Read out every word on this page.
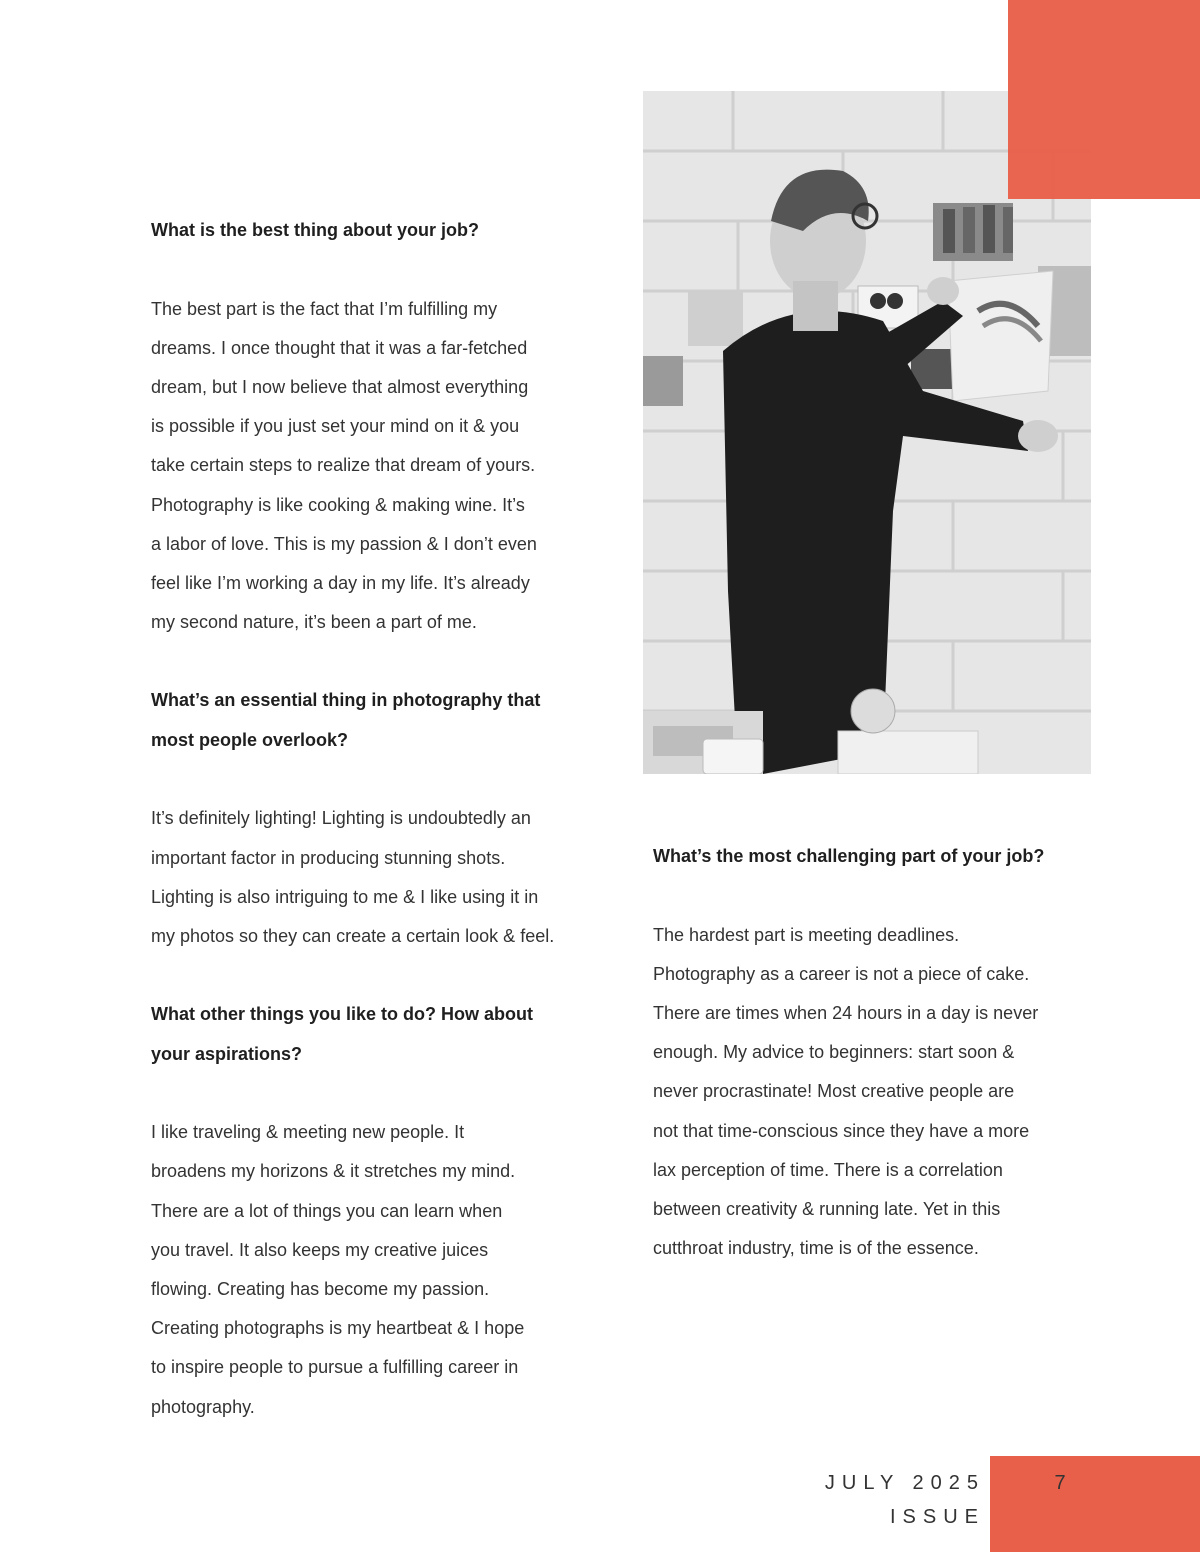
What is the best thing about your job?

The best part is the fact that I’m fulfilling my

dreams. I once thought that it was a far-fetched

dream, but I now believe that almost everything

is possible if you just set your mind on it & you

take certain steps to realize that dream of yours.

Photography is like cooking & making wine. It’s

a labor of love. This is my passion & I don’t even

feel like I’m working a day in my life. It’s already

my second nature, it’s been a part of me.

What’s an essential thing in photography that

most people overlook?

It’s definitely lighting! Lighting is undoubtedly an

important factor in producing stunning shots.

Lighting is also intriguing to me & I like using it in

my photos so they can create a certain look & feel.

What other things you like to do? How about

your aspirations?

I like traveling & meeting new people. It

broadens my horizons & it stretches my mind.

There are a lot of things you can learn when

you travel. It also keeps my creative juices

flowing. Creating has become my passion.

Creating photographs is my heartbeat & I hope

to inspire people to pursue a fulfilling career in

photography.

What’s the most challenging part of your job?

The hardest part is meeting deadlines.

Photography as a career is not a piece of cake.

There are times when 24 hours in a day is never

enough. My advice to beginners: start soon &

never procrastinate! Most creative people are

not that time-conscious since they have a more

lax perception of time. There is a correlation

between creativity & running late. Yet in this

cutthroat industry, time is of the essence.

JULY 2025 ISSUE
7
